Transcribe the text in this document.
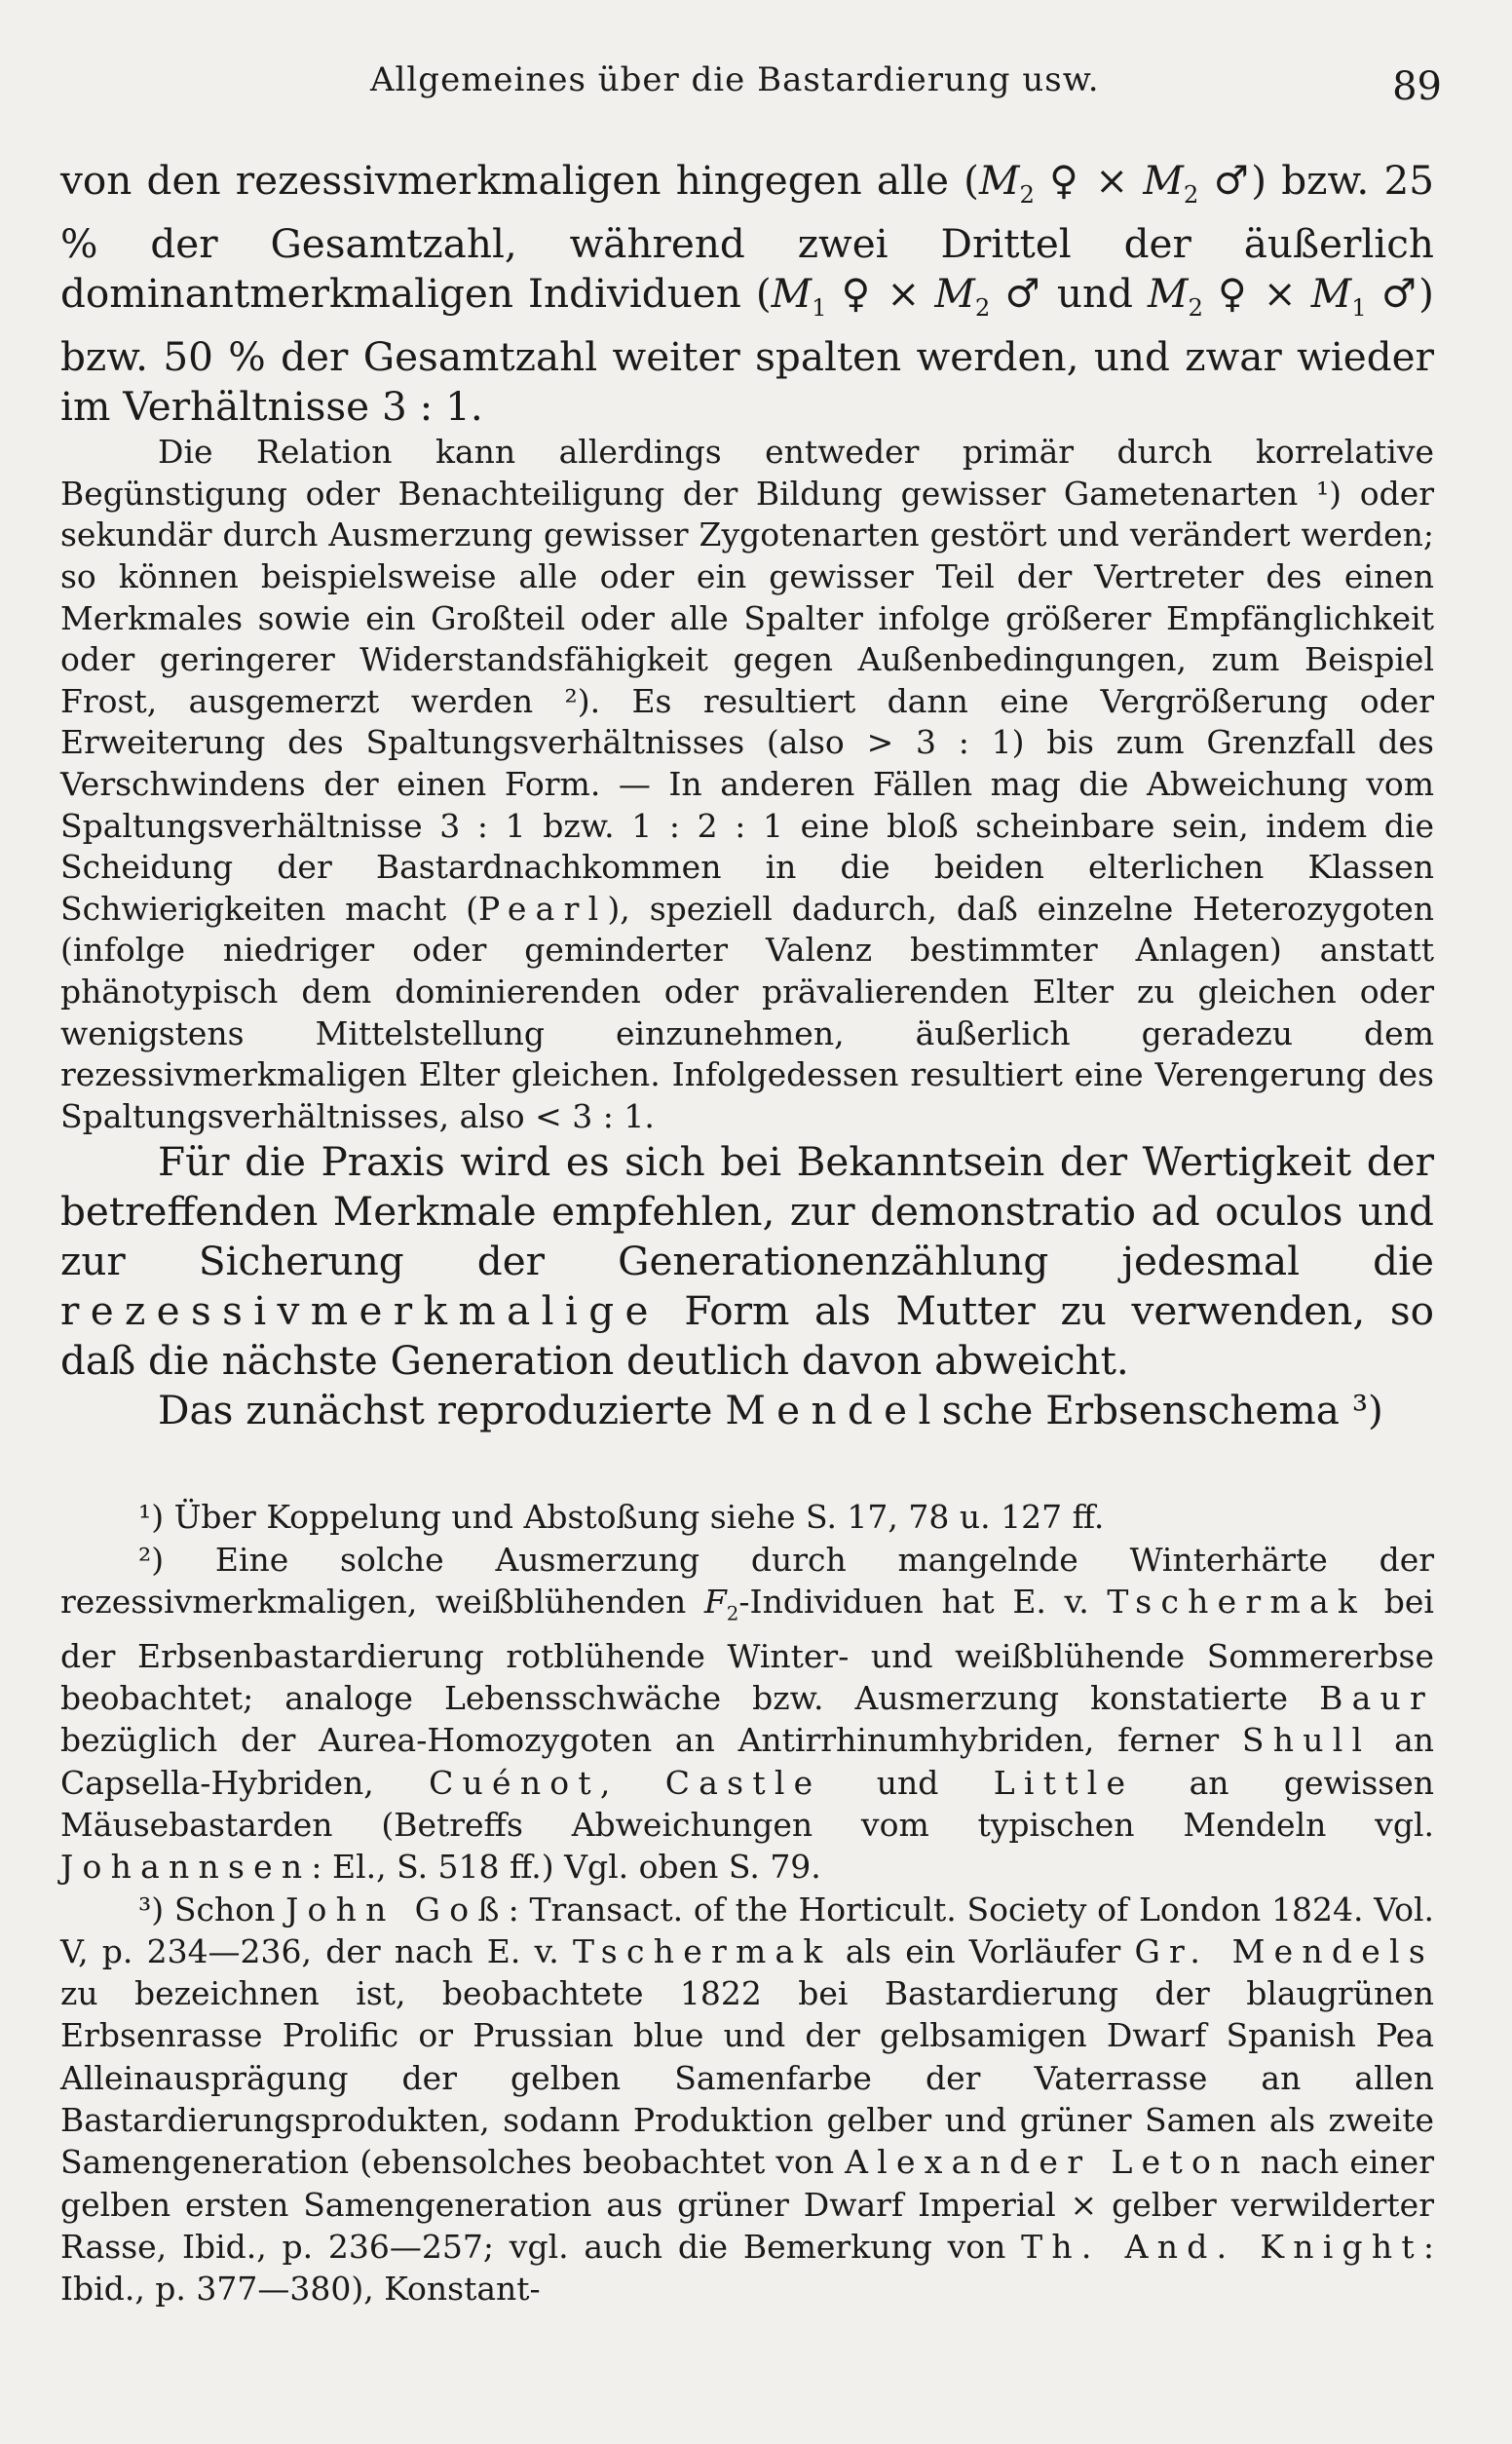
Allgemeines über die Bastardierung usw.	89

von den rezessivmerkmaligen hingegen alle ($M_2$ ♀ × $M_2$ ♂) bzw. 25 % der Gesamtzahl, während zwei Drittel der äußerlich dominantmerkmaligen Individuen ($M_1$ ♀ × $M_2$ ♂ und $M_2$ ♀ × $M_1$ ♂) bzw. 50 % der Gesamtzahl weiter spalten werden, und zwar wieder im Verhältnisse 3 : 1.

Die Relation kann allerdings entweder primär durch korrelative Begünstigung oder Benachteiligung der Bildung gewisser Gametenarten ¹) oder sekundär durch Ausmerzung gewisser Zygotenarten gestört und verändert werden; so können beispielsweise alle oder ein gewisser Teil der Vertreter des einen Merkmales sowie ein Großteil oder alle Spalter infolge größerer Empfänglichkeit oder geringerer Widerstandsfähigkeit gegen Außenbedingungen, zum Beispiel Frost, ausgemerzt werden ²). Es resultiert dann eine Vergrößerung oder Erweiterung des Spaltungsverhältnisses (also > 3 : 1) bis zum Grenzfall des Verschwindens der einen Form. — In anderen Fällen mag die Abweichung vom Spaltungsverhältnisse 3 : 1 bzw. 1 : 2 : 1 eine bloß scheinbare sein, indem die Scheidung der Bastardnachkommen in die beiden elterlichen Klassen Schwierigkeiten macht (Pearl), speziell dadurch, daß einzelne Heterozygoten (infolge niedriger oder geminderter Valenz bestimmter Anlagen) anstatt phänotypisch dem dominierenden oder prävalierenden Elter zu gleichen oder wenigstens Mittelstellung einzunehmen, äußerlich geradezu dem rezessivmerkmaligen Elter gleichen. Infolgedessen resultiert eine Verengerung des Spaltungsverhältnisses, also < 3 : 1.

Für die Praxis wird es sich bei Bekanntsein der Wertigkeit der betreffenden Merkmale empfehlen, zur demonstratio ad oculos und zur Sicherung der Generationenzählung jedesmal die rezessivmerkmalige Form als Mutter zu verwenden, so daß die nächste Generation deutlich davon abweicht.

Das zunächst reproduzierte Mendelsche Erbsenschema ³)

¹) Über Koppelung und Abstoßung siehe S. 17, 78 u. 127 ff.

²) Eine solche Ausmerzung durch mangelnde Winterhärte der rezessivmerkmaligen, weißblühenden $F_2$-Individuen hat E. v. Tschermak bei der Erbsenbastardierung rotblühende Winter- und weißblühende Sommererbse beobachtet; analoge Lebensschwäche bzw. Ausmerzung konstatierte Baur bezüglich der Aurea-Homozygoten an Antirrhinumhybriden, ferner Shull an Capsella-Hybriden, Cuénot, Castle und Little an gewissen Mäusebastarden (Betreffs Abweichungen vom typischen Mendeln vgl. Johannsen: El., S. 518 ff.) Vgl. oben S. 79.

³) Schon John Goß: Transact. of the Horticult. Society of London 1824. Vol. V, p. 234—236, der nach E. v. Tschermak als ein Vorläufer Gr. Mendels zu bezeichnen ist, beobachtete 1822 bei Bastardierung der blaugrünen Erbsenrasse Prolific or Prussian blue und der gelbsamigen Dwarf Spanish Pea Alleinausprägung der gelben Samenfarbe der Vaterrasse an allen Bastardierungsprodukten, sodann Produktion gelber und grüner Samen als zweite Samengeneration (ebensolches beobachtet von Alexander Leton nach einer gelben ersten Samengeneration aus grüner Dwarf Imperial × gelber verwilderter Rasse, Ibid., p. 236—257; vgl. auch die Bemerkung von Th. And. Knight: Ibid., p. 377—380), Konstant-
